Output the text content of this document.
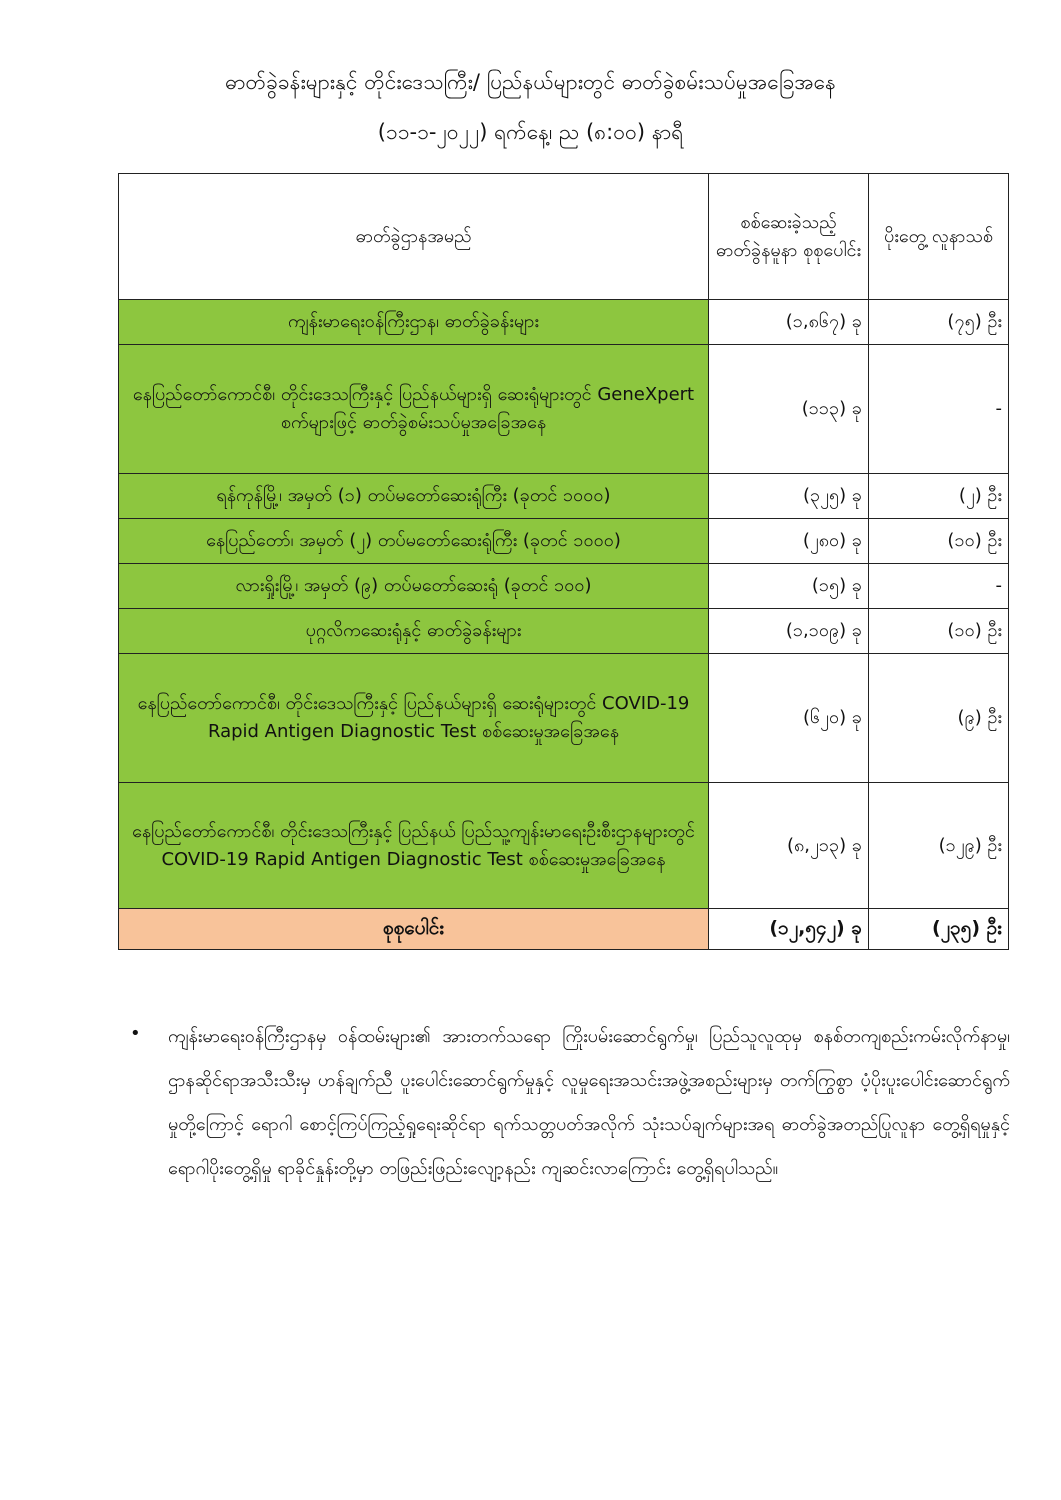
ဓာတ်ခွဲခန်းများနှင့် တိုင်းဒေသကြီး/ ပြည်နယ်များတွင် ဓာတ်ခွဲစမ်းသပ်မှုအခြေအနေ
(၁၁-၁-၂၀၂၂) ရက်နေ့၊ ည (၈:၀၀) နာရီ
ဓာတ်ခွဲဌာနအမည်	စစ်ဆေးခဲ့သည့် ဓာတ်ခွဲနမူနာ စုစုပေါင်း	ပိုးတွေ့ လူနာသစ်
ကျန်းမာရေးဝန်ကြီးဌာန၊ ဓာတ်ခွဲခန်းများ	(၁,၈၆၇) ခု	(၇၅) ဦး
နေပြည်တော်ကောင်စီ၊ တိုင်းဒေသကြီးနှင့် ပြည်နယ်များရှိ ဆေးရုံများတွင် GeneXpert စက်များဖြင့် ဓာတ်ခွဲစမ်းသပ်မှုအခြေအနေ	(၁၁၃) ခု	-
ရန်ကုန်မြို့၊ အမှတ် (၁) တပ်မတော်ဆေးရုံကြီး (ခုတင် ၁၀၀၀)	(၃၂၅) ခု	(၂) ဦး
နေပြည်တော်၊ အမှတ် (၂) တပ်မတော်ဆေးရုံကြီး (ခုတင် ၁၀၀၀)	(၂၈၀) ခု	(၁၀) ဦး
လားရှိုးမြို့၊ အမှတ် (၉) တပ်မတော်ဆေးရုံ (ခုတင် ၁၀၀)	(၁၅) ခု	-
ပုဂ္ဂလိကဆေးရုံနှင့် ဓာတ်ခွဲခန်းများ	(၁,၁၀၉) ခု	(၁၀) ဦး
နေပြည်တော်ကောင်စီ၊ တိုင်းဒေသကြီးနှင့် ပြည်နယ်များရှိ ဆေးရုံများတွင် COVID-19 Rapid Antigen Diagnostic Test စစ်ဆေးမှုအခြေအနေ	(၆၂၀) ခု	(၉) ဦး
နေပြည်တော်ကောင်စီ၊ တိုင်းဒေသကြီးနှင့် ပြည်နယ် ပြည်သူ့ကျန်းမာရေးဦးစီးဌာနများတွင် COVID-19 Rapid Antigen Diagnostic Test စစ်ဆေးမှုအခြေအနေ	(၈,၂၁၃) ခု	(၁၂၉) ဦး
စုစုပေါင်း	(၁၂,၅၄၂) ခု	(၂၃၅) ဦး
• ကျန်းမာရေးဝန်ကြီးဌာနမှ ဝန်ထမ်းများ၏ အားတက်သရော ကြိုးပမ်းဆောင်ရွက်မှု၊ ပြည်သူလူထုမှ စနစ်တကျစည်းကမ်းလိုက်နာမှု၊ ဌာနဆိုင်ရာအသီးသီးမှ ဟန်ချက်ညီ ပူးပေါင်းဆောင်ရွက်မှုနှင့် လူမှုရေးအသင်းအဖွဲ့အစည်းများမှ တက်ကြွစွာ ပံ့ပိုးပူးပေါင်းဆောင်ရွက်မှုတို့ကြောင့် ရောဂါ စောင့်ကြပ်ကြည့်ရှုရေးဆိုင်ရာ ရက်သတ္တပတ်အလိုက် သုံးသပ်ချက်များအရ ဓာတ်ခွဲအတည်ပြုလူနာ တွေ့ရှိရမှုနှင့် ရောဂါပိုးတွေ့ရှိမှု ရာခိုင်နှုန်းတို့မှာ တဖြည်းဖြည်းလျော့နည်း ကျဆင်းလာကြောင်း တွေ့ရှိရပါသည်။
